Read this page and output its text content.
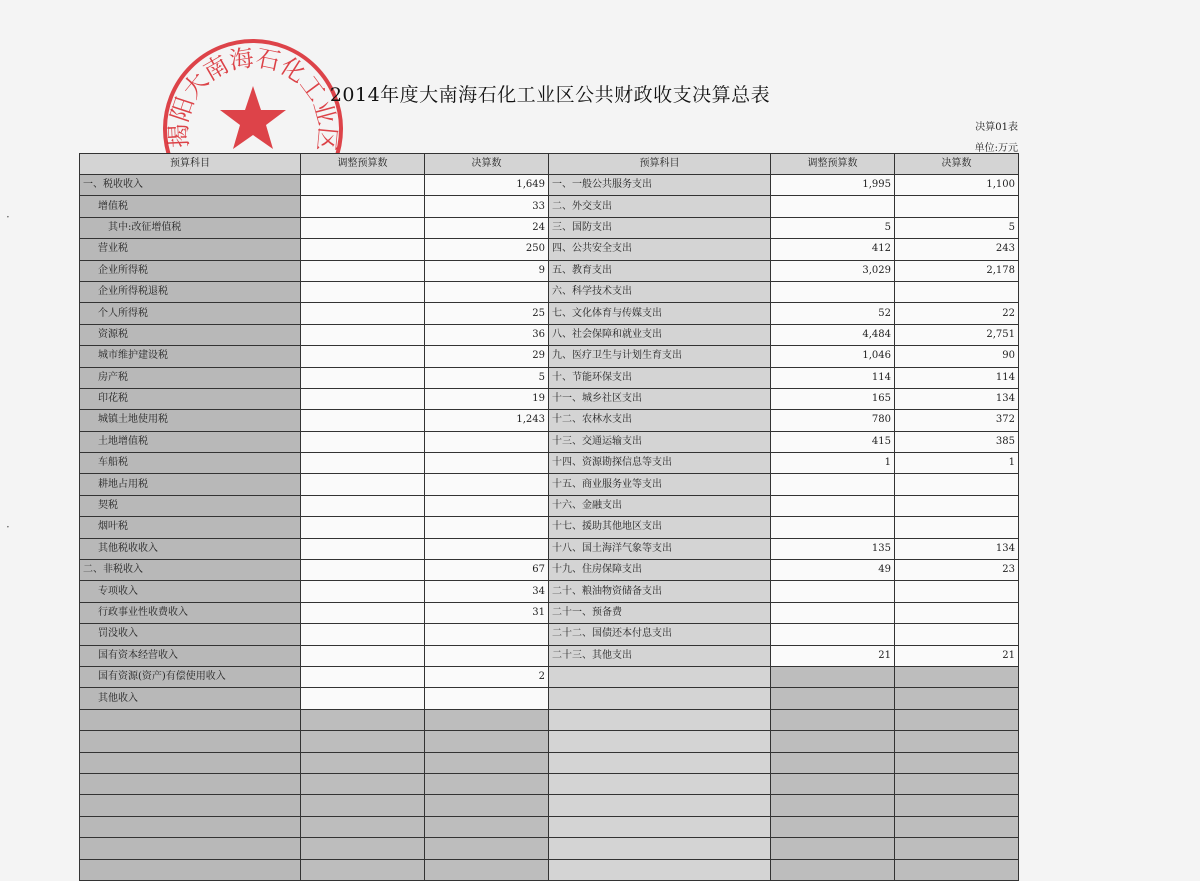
揭阳大南海石化工业区
2014年度大南海石化工业区公共财政收支决算总表
决算01表
单位:万元
·
·
预算科目	调整预算数	决算数	预算科目	调整预算数	决算数
一、税收收入		1,649	一、一般公共服务支出	1,995	1,100
增值税		33	二、外交支出		
其中:改征增值税		24	三、国防支出	5	5
营业税		250	四、公共安全支出	412	243
企业所得税		9	五、教育支出	3,029	2,178
企业所得税退税			六、科学技术支出		
个人所得税		25	七、文化体育与传媒支出	52	22
资源税		36	八、社会保障和就业支出	4,484	2,751
城市维护建设税		29	九、医疗卫生与计划生育支出	1,046	90
房产税		5	十、节能环保支出	114	114
印花税		19	十一、城乡社区支出	165	134
城镇土地使用税		1,243	十二、农林水支出	780	372
土地增值税			十三、交通运输支出	415	385
车船税			十四、资源勘探信息等支出	1	1
耕地占用税			十五、商业服务业等支出		
契税			十六、金融支出		
烟叶税			十七、援助其他地区支出		
其他税收收入			十八、国土海洋气象等支出	135	134
二、非税收入		67	十九、住房保障支出	49	23
专项收入		34	二十、粮油物资储备支出		
行政事业性收费收入		31	二十一、预备费		
罚没收入			二十二、国债还本付息支出		
国有资本经营收入			二十三、其他支出	21	21
国有资源(资产)有偿使用收入		2			
其他收入					
